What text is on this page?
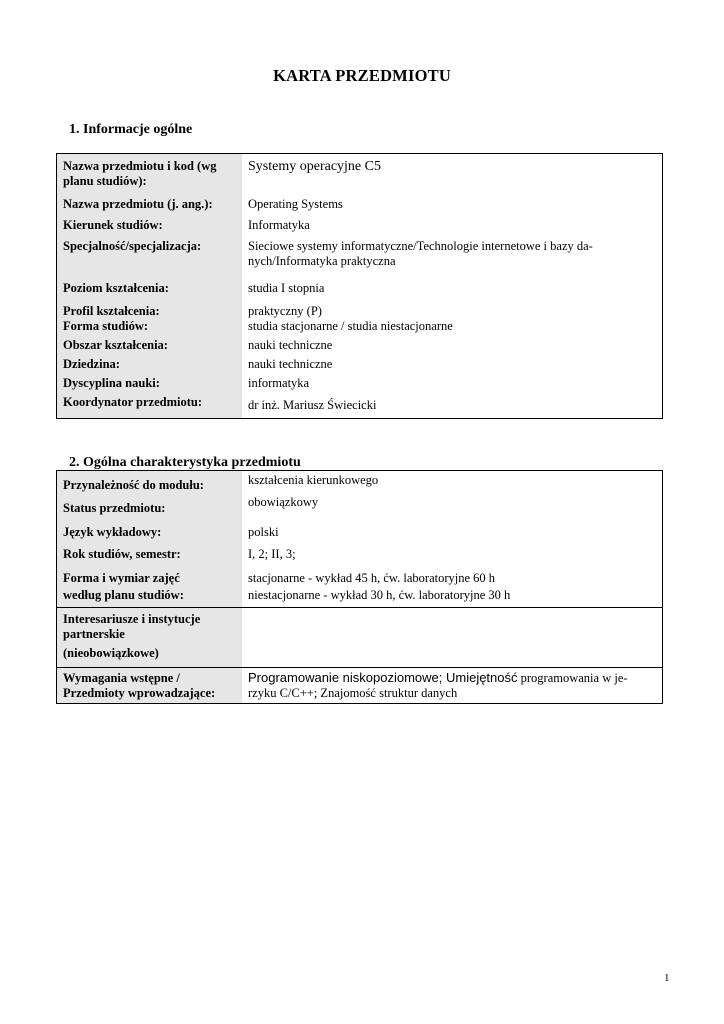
KARTA PRZEDMIOTU
1. Informacje ogólne
Nazwa przedmiotu i kod (wg planu studiów):	Systemy operacyjne C5
Nazwa przedmiotu (j. ang.):	Operating Systems
Kierunek studiów:	Informatyka
Specjalność/specjalizacja:	Sieciowe systemy informatyczne/Technologie internetowe i bazy da-nych/Informatyka praktyczna
Poziom kształcenia:	studia I stopnia
Profil kształcenia:	praktyczny (P)
Forma studiów:	studia stacjonarne / studia niestacjonarne
Obszar kształcenia:	nauki techniczne
Dziedzina:	nauki techniczne
Dyscyplina nauki:	informatyka
Koordynator przedmiotu:	dr inż. Mariusz Świecicki
2. Ogólna charakterystyka przedmiotu
Przynależność do modułu:	kształcenia kierunkowego
Status przedmiotu:	obowiązkowy
Język wykładowy:	polski
Rok studiów, semestr:	I, 2; II, 3;
Forma i wymiar zajęć	stacjonarne - wykład 45 h, ćw. laboratoryjne 60 h
według planu studiów:	niestacjonarne - wykład 30 h, ćw. laboratoryjne 30 h
Interesariusze i instytucje partnerskie	
(nieobowiązkowe)	
Wymagania wstępne / Przedmioty wprowadzające:	Programowanie niskopoziomowe; Umiejętność programowania w je-rzyku C/C++; Znajomość struktur danych
1
